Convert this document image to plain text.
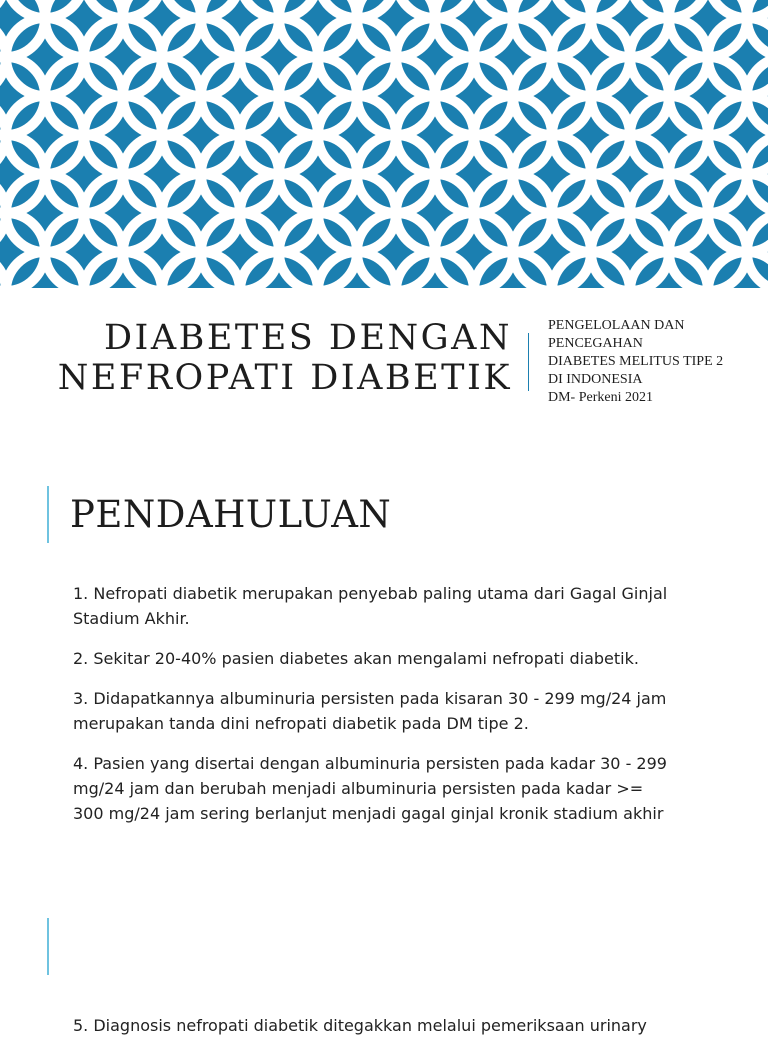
DIABETES DENGAN
NEFROPATI DIABETIK
PENGELOLAAN DAN
PENCEGAHAN
DIABETES MELITUS TIPE 2
DI INDONESIA
DM- Perkeni 2021
PENDAHULUAN

1. Nefropati diabetik merupakan penyebab paling utama dari Gagal Ginjal Stadium Akhir.

2. Sekitar 20-40% pasien diabetes akan mengalami nefropati diabetik.

3. Didapatkannya albuminuria persisten pada kisaran 30 - 299 mg/24 jam merupakan tanda dini nefropati diabetik pada DM tipe 2.

4. Pasien yang disertai dengan albuminuria persisten pada kadar 30 - 299 mg/24 jam dan berubah menjadi albuminuria persisten pada kadar >= 300 mg/24 jam sering berlanjut menjadi gagal ginjal kronik stadium akhir

5. Diagnosis nefropati diabetik ditegakkan melalui pemeriksaan urinary
